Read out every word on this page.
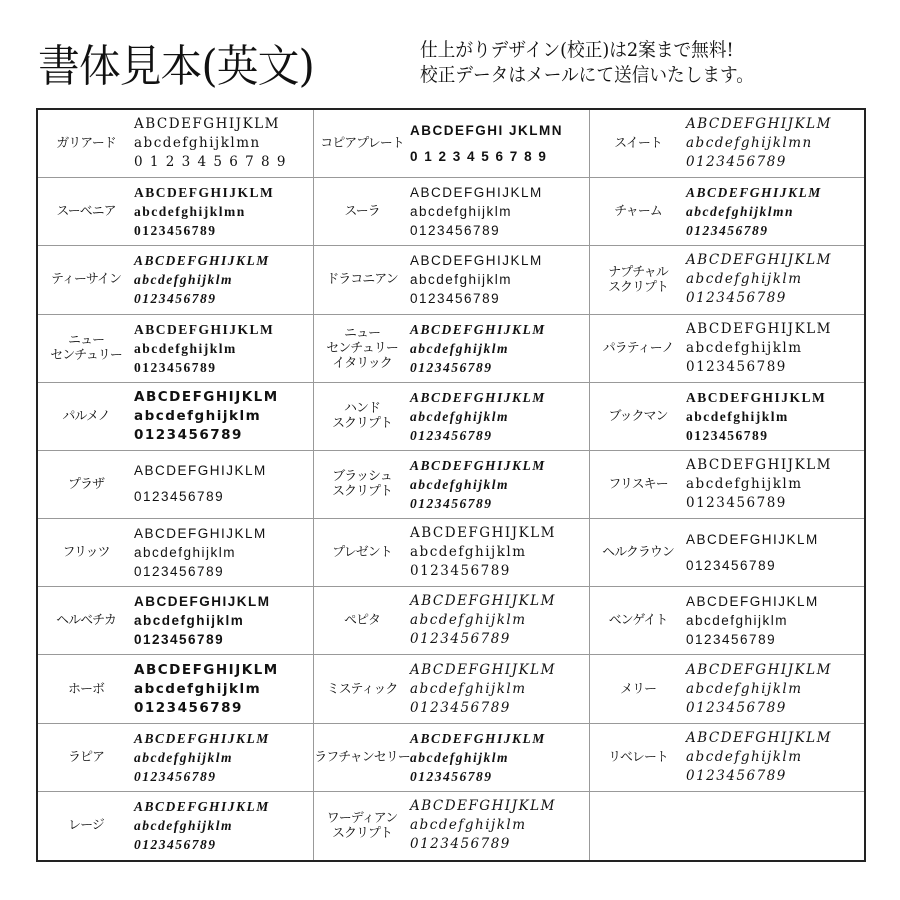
書体見本(英文)	仕上がりデザイン(校正)は2案まで無料!
校正データはメールにて送信いたします。
ガリアード
ABCDEFGHIJKLM
abcdefghijklmn
0 1 2 3 4 5 6 7 8 9
コピアプレート
ABCDEFGHI JKLMN
0 1 2 3 4 5 6 7 8 9
スイート
ABCDEFGHIJKLM
abcdefghijklmn
0123456789
スーベニア
ABCDEFGHIJKLM
abcdefghijklmn
0123456789
スーラ
ABCDEFGHIJKLM
abcdefghijklm
0123456789
チャーム
ABCDEFGHIJKLM
abcdefghijklmn
0123456789
ティーサイン
ABCDEFGHIJKLM
abcdefghijklm
0123456789
ドラコニアン
ABCDEFGHIJKLM
abcdefghijklm
0123456789
ナプチャル
スクリプト
ABCDEFGHIJKLM
abcdefghijklm
0123456789
ニュー
センチュリー
ABCDEFGHIJKLM
abcdefghijklm
0123456789
ニュー
センチュリー
イタリック
ABCDEFGHIJKLM
abcdefghijklm
0123456789
パラティーノ
ABCDEFGHIJKLM
abcdefghijklm
0123456789
パルメノ
ABCDEFGHIJKLM
abcdefghijklm
0123456789
ハンド
スクリプト
ABCDEFGHIJKLM
abcdefghijklm
0123456789
ブックマン
ABCDEFGHIJKLM
abcdefghijklm
0123456789
プラザ
ABCDEFGHIJKLM
0123456789
ブラッシュ
スクリプト
ABCDEFGHIJKLM
abcdefghijklm
0123456789
フリスキー
ABCDEFGHIJKLM
abcdefghijklm
0123456789
フリッツ
ABCDEFGHIJKLM
abcdefghijklm
0123456789
プレゼント
ABCDEFGHIJKLM
abcdefghijklm
0123456789
ヘルクラウン
ABCDEFGHIJKLM
0123456789
ヘルベチカ
ABCDEFGHIJKLM
abcdefghijklm
0123456789
ペピタ
ABCDEFGHIJKLM
abcdefghijklm
0123456789
ベンゲイト
ABCDEFGHIJKLM
abcdefghijklm
0123456789
ホーボ
ABCDEFGHIJKLM
abcdefghijklm
0123456789
ミスティック
ABCDEFGHIJKLM
abcdefghijklm
0123456789
メリー
ABCDEFGHIJKLM
abcdefghijklm
0123456789
ラピア
ABCDEFGHIJKLM
abcdefghijklm
0123456789
ラフチャンセリー
ABCDEFGHIJKLM
abcdefghijklm
0123456789
リベレート
ABCDEFGHIJKLM
abcdefghijklm
0123456789
レージ
ABCDEFGHIJKLM
abcdefghijklm
0123456789
ワーディアン
スクリプト
ABCDEFGHIJKLM
abcdefghijklm
0123456789
